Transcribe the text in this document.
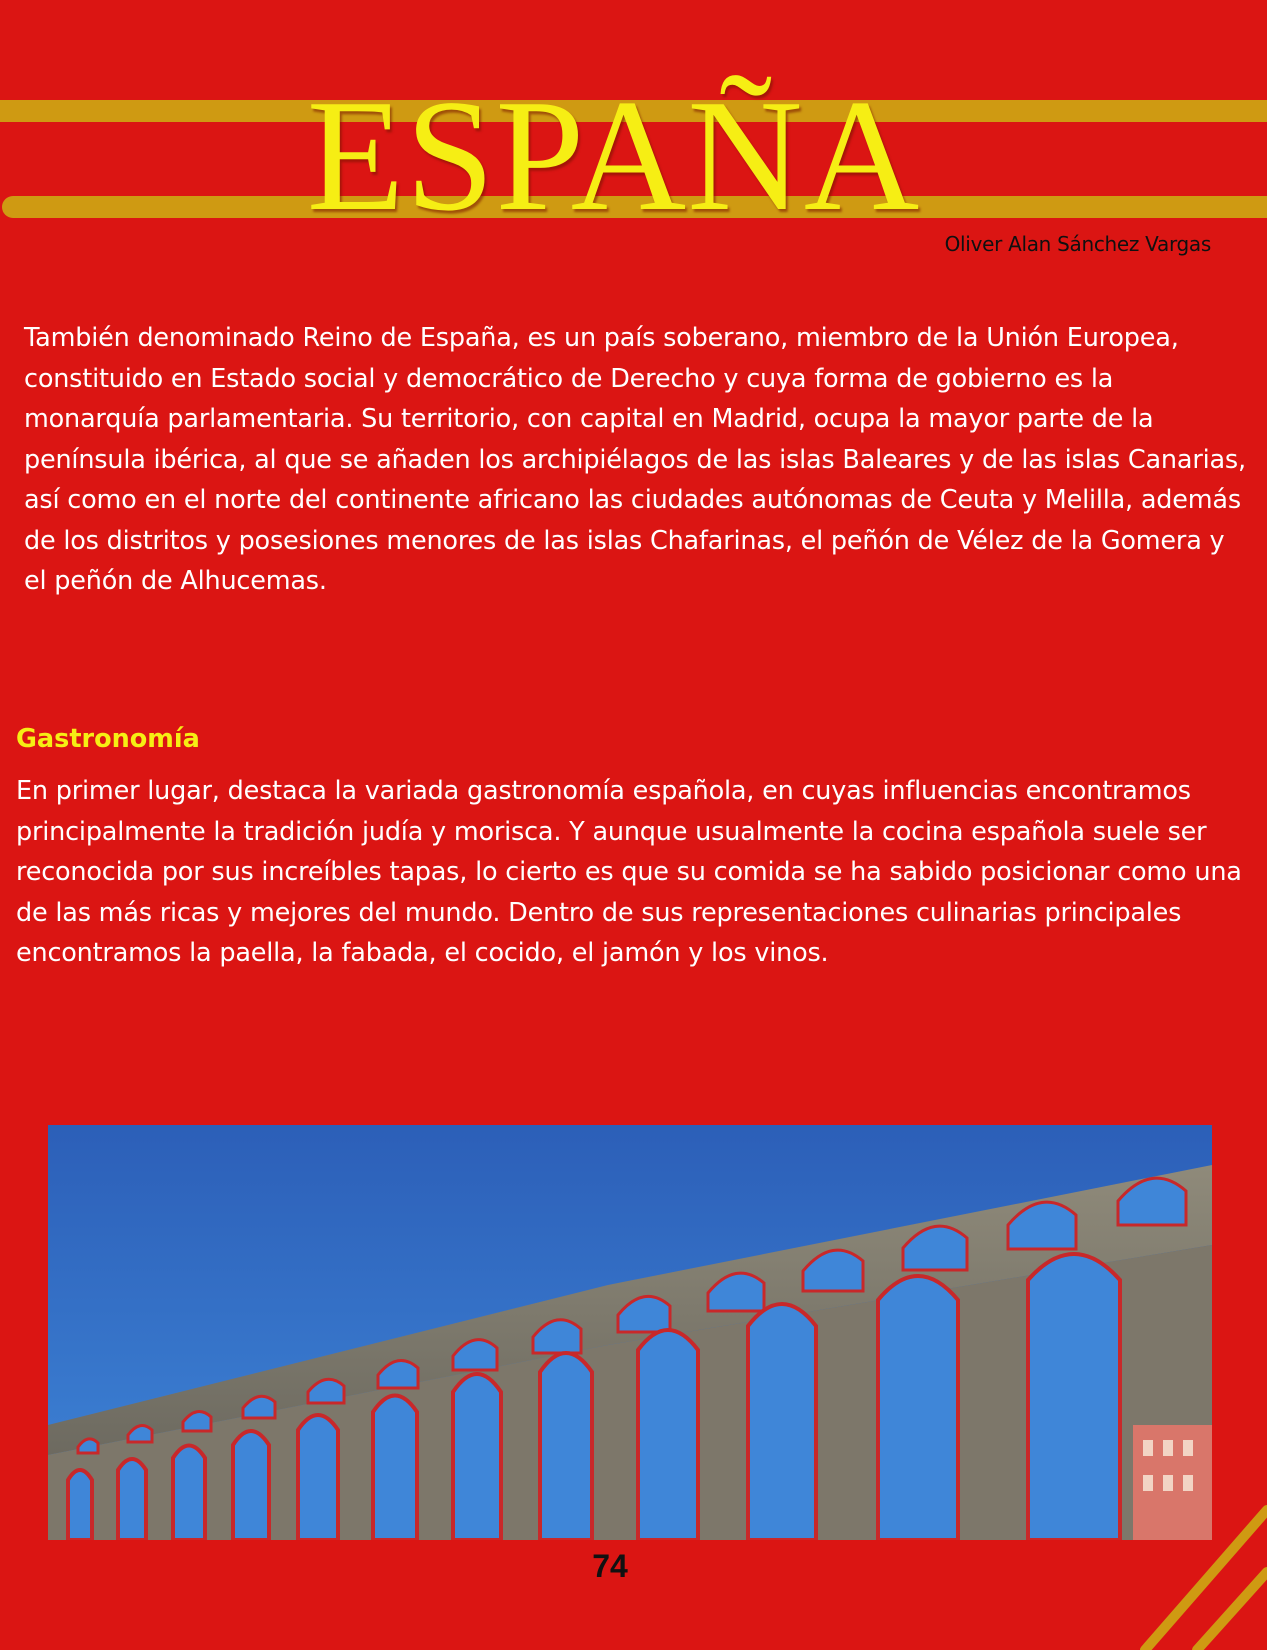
ESPAÑA	Oliver Alan Sánchez Vargas

También denominado Reino de España, es un país soberano, miembro de la Unión Europea, constituido en Estado social y democrático de Derecho y cuya forma de gobierno es la monarquía parlamentaria. Su territorio, con capital en Madrid, ocupa la mayor parte de la península ibérica, al que se añaden los archipiélagos de las islas Baleares y de las islas Canarias, así como en el norte del continente africano las ciudades autónomas de Ceuta y Melilla, además de los distritos y posesiones menores de las islas Chafarinas, el peñón de Vélez de la Gomera y el peñón de Alhucemas.

Gastronomía

En primer lugar, destaca la variada gastronomía española, en cuyas influencias encontramos principalmente la tradición judía y morisca. Y aunque usualmente la cocina española suele ser reconocida por sus increíbles tapas, lo cierto es que su comida se ha sabido posicionar como una de las más ricas y mejores del mundo. Dentro de sus representaciones culinarias principales encontramos la paella, la fabada, el cocido, el jamón y los vinos.

74
